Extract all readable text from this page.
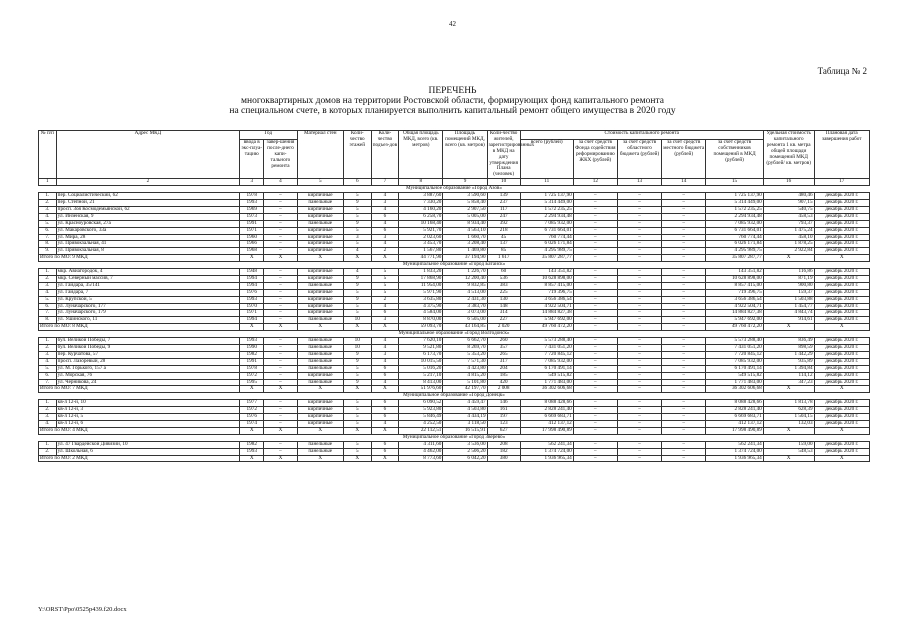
42
Таблица № 2
ПЕРЕЧЕНЬ
многоквартирных домов на территории Ростовской области, формирующих фонд капитального ремонта
на специальном счете, в которых планируется выполнить капитальный ремонт общего имущества в 2020 году
№ п/п	Адрес МКД	Год		Материал стен	Коли-чество этажей	Коли-чество подъез-дов	Общая площадь МКД, всего (кв. метров)	Площадь помещений МКД, всего (кв. метров)	Коли-чество жителей, зарегистрированных в МКД на дату утверждения Плана (человек)	Стоимость капитального ремонта					Удельная стоимость капитального ремонта 1 кв. метра общей площади помещений МКД (рублей/ кв. метров)	Плановая дата завершения работ
		ввода в экс-плуа-тацию	завер-шения после-днего капи-тального ремонта							всего (рублей)	за счет средств Фонда содействия реформированию ЖКХ (рублей)	за счет средств областного бюджета (рублей)	за счет средств местного бюджета (рублей)	за счет средств собственников помещений в МКД (рублей)		
1	2	3	4	5	6	7	8	9	10	11	12	13	14	15	16	17
Муниципальное образование «Город Азов»																
1.	пер. Социалистический, 62	1978	–	кирпичные	5	4	3 887,60	3 590,60	139	1 725 137,90	–	–	–	1 725 137,90	480,46	декабрь 2020 г.
2.	пер. Степной, 21	1993	–	панельные	9	3	7 330,20	5 858,40	237	5 314 449,00	–	–	–	5 314 449,00	907,15	декабрь 2020 г.
3.	просп. Зоя Космодемьянской, 62	1969	–	кирпичные	5	4	4 160,20	2 907,50	117	1 572 235,25	–	–	–	1 572 235,25	540,75	декабрь 2020 г.
4.	ул. Инзенская, 9	1973	–	кирпичные	5	6	6 258,70	5 005,00	247	2 294 934,48	–	–	–	2 294 934,48	458,53	декабрь 2020 г.
5.	ул. Красноуровская, 27а	1991	–	панельные	9	4	10 168,40	8 934,40	392	7 085 932,00	–	–	–	7 085 932,00	793,37	декабрь 2020 г.
6.	ул. Макаровского, 33а	1971	–	кирпичные	5	6	5 921,70	4 563,10	218	6 731 664,01	–	–	–	6 731 664,01	1 475,24	декабрь 2020 г.
7.	ул. Мира, 28	1960	–	кирпичные	3	3	2 023,60	1 660,70	45	760 774,44	–	–	–	760 774,44	458,10	декабрь 2020 г.
8.	ул. Привокзальная, 41	1966	–	кирпичные	5	4	3 453,70	3 208,40	137	6 026 171,84	–	–	–	6 026 171,84	1 878,25	декабрь 2020 г.
9.	ул. Привокзальная, 8	1968	–	кирпичные	4	2	1 567,80	1 469,80	85	4 295 989,75	–	–	–	4 295 989,75	2 922,84	декабрь 2020 г.
Итого по МО: 9 МКД		X	X	X	X	X	44 771,90	37 194,90	1 617	35 807 287,77	–	–	–	35 807 287,77	X	X
Муниципальное образование «Город Батайск»																
1.	мкр. Авиагородок, 4	1948	–	кирпичные	4	5	1 833,20	1 226,70	60	143 351,82	–	–	–	143 351,82	116,86	декабрь 2020 г.
2.	мкр. Северный массив, 7	1994	–	кирпичные	9	5	17 868,90	12 200,40	536	10 628 898,00	–	–	–	10 628 898,00	871,19	декабрь 2020 г.
3.	ул. Гайдара, 35/141	1994	–	панельные	9	5	11 954,00	9 832,85	383	8 857 415,00	–	–	–	8 857 415,00	900,80	декабрь 2020 г.
4.	ул. Гайдара, 7	1976	–	кирпичные	5	5	5 971,90	4 513,00	225	719 396,75	–	–	–	719 396,75	159,37	декабрь 2020 г.
5.	ул. Крупской, 5	1993	–	кирпичные	9	2	3 635,80	2 431,30	130	3 656 386,54	–	–	–	3 656 386,54	1 503,88	декабрь 2020 г.
6.	ул. Луначарского, 177	1970	–	кирпичные	5	4	4 375,90	3 383,70	148	4 922 504,71	–	–	–	4 922 504,71	1 454,77	декабрь 2020 г.
7.	ул. Луначарского, 179	1971	–	кирпичные	5	6	4 584,00	3 073,00	314	14 884 827,38	–	–	–	14 884 827,38	4 843,74	декабрь 2020 г.
8.	ул. Ушинского, 11	1994	–	панельные	10	3	8 870,00	6 505,00	227	5 947 692,00	–	–	–	5 947 692,00	914,61	декабрь 2020 г.
Итого по МО: 8 МКД		X	X	X	X	X	59 093,70	43 164,85	2 020	49 760 472,20	–	–	–	49 760 472,20	X	X
Муниципальное образование «Город Волгодонск»																
1.	бул. Великой Победы, 7	1993	–	панельные	10	4	7 620,10	6 662,70	260	5 573 288,40	–	–	–	5 573 288,40	836,49	декабрь 2020 г.
2.	бул. Великой Победы, 9	1990	–	панельные	10	4	9 521,80	8 269,70	357	7 431 051,20	–	–	–	7 431 051,20	898,59	декабрь 2020 г.
3.	пер. Курчатова, 57	1982	–	панельные	9	3	6 173,70	5 353,20	265	7 720 845,12	–	–	–	7 720 845,12	1 442,29	декабрь 2020 г.
4.	просп. Лазоревый, 28	1991	–	панельные	9	4	10 015,50	7 571,30	317	7 085 932,00	–	–	–	7 085 932,00	935,89	декабрь 2020 г.
5.	ул. М. Горького, 157 а	1978	–	панельные	5	6	5 016,20	4 423,80	204	6 170 491,14	–	–	–	6 170 491,14	1 394,84	декабрь 2020 г.
6.	ул. Морская, 76	1972	–	кирпичные	5	6	5 217,10	4 815,20	185	549 515,82	–	–	–	549 515,82	114,12	декабрь 2020 г.
7.	ул. Черникова, 24	1995	–	панельные	9	4	8 413,00	5 101,80	420	1 771 483,00	–	–	–	1 771 483,00	347,23	декабрь 2020 г.
Итого по МО: 7 МКД		X	X	X	X	X	51 976,60	42 197,70	2 008	36 302 606,68	–	–	–	36 302 606,68	X	X
Муниципальное образование «Город Донецк»																
1.	кв-л 12-й, 10	1977	–	кирпичные	5	6	6 090,52	4 459,47	146	8 088 428,66	–	–	–	8 088 428,66	1 813,78	декабрь 2020 г.
2.	кв-л 12-й, 3	1972	–	кирпичные	5	6	5 923,80	4 503,80	161	2 828 241,40	–	–	–	2 828 241,40	628,39	декабрь 2020 г.
3.	кв-л 12-й, 5	1976	–	кирпичные	5	6	5 846,49	4 434,19	197	6 669 683,71	–	–	–	6 669 683,71	1 504,15	декабрь 2020 г.
4.	кв-л 12-й, 6	1974	–	кирпичные	5	4	4 252,50	3 118,50	123	412 137,12	–	–	–	412 137,12	132,03	декабрь 2020 г.
Итого по МО: 4 МКД		X	X	X	X	X	22 112,51	16 515,91	627	17 998 490,89	–	–	–	17 998 490,89	X	X
Муниципальное образование «Город Зверево»																
1.	ул. 47 Гвардейской Дивизии, 10	1982	–	панельные	5	6	4 311,60	3 536,00	208	562 241,34	–	–	–	562 241,34	159,00	декабрь 2020 г.
2.	ул. Школьная, 6	1993	–	панельные	5	6	4 462,00	2 506,20	182	1 374 724,00	–	–	–	1 374 724,00	548,53	декабрь 2020 г.
Итого по МО: 2 МКД		X	X	X	X	X	8 773,60	6 042,20	380	1 936 965,34	–	–	–	1 936 965,34	X	X
Y:\ORST\Ppo\0525p439.f20.docx
